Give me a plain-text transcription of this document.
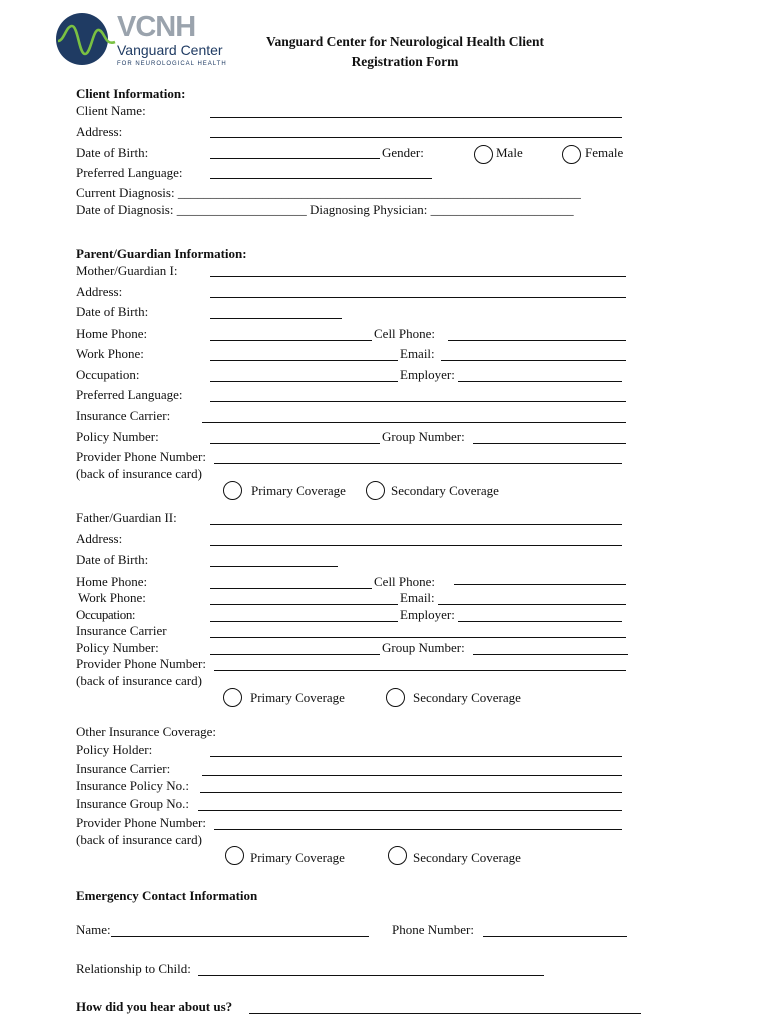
VCNH
Vanguard Center
FOR NEUROLOGICAL HEALTH
Vanguard Center for Neurological Health Client
Registration Form
Client Information:
Client Name:
Address:
Date of Birth:	Gender:	Male	Female
Preferred Language:
Current Diagnosis: ______________________________________________________________
Date of Diagnosis: ____________________ Diagnosing Physician: ______________________
Parent/Guardian Information:
Mother/Guardian I:
Address:
Date of Birth:
Home Phone:	Cell Phone:
Work Phone:	Email:
Occupation:	Employer:
Preferred Language:
Insurance Carrier:
Policy Number:	Group Number:
Provider Phone Number:
(back of insurance card)
Primary Coverage	Secondary Coverage
Father/Guardian II:
Address:
Date of Birth:
Home Phone:	Cell Phone:
Work Phone:	Email:
Occupation:	Employer:
Insurance Carrier
Policy Number:	Group Number:
Provider Phone Number:
(back of insurance card)
Primary Coverage	Secondary Coverage
Other Insurance Coverage:
Policy Holder:
Insurance Carrier:
Insurance Policy No.:
Insurance Group No.:
Provider Phone Number:
(back of insurance card)
Primary Coverage	Secondary Coverage
Emergency Contact Information
Name:	Phone Number:
Relationship to Child:
How did you hear about us?
